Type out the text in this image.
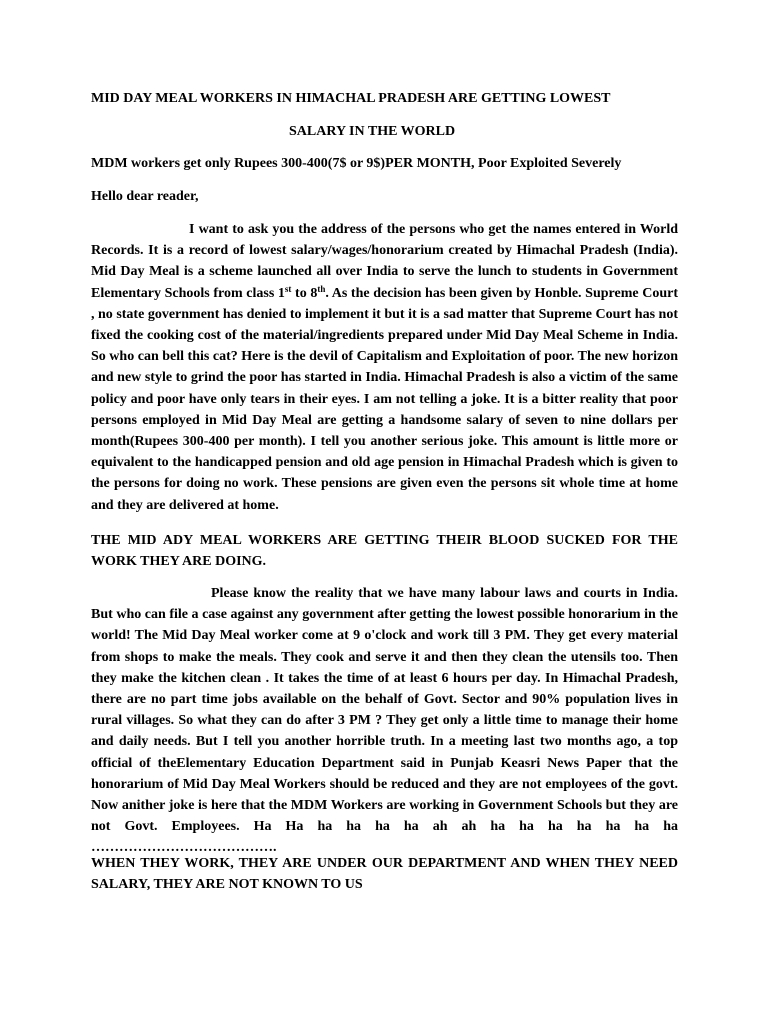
MID DAY MEAL WORKERS IN HIMACHAL PRADESH ARE GETTING LOWEST
SALARY IN THE WORLD
MDM workers get only Rupees 300-400(7$ or 9$)PER MONTH, Poor Exploited Severely
Hello dear reader,
I want to ask you the address of the persons who get the names entered in World Records. It is a record of lowest salary/wages/honorarium created by Himachal Pradesh (India). Mid Day Meal is a scheme launched all over India to serve the lunch to students in Government Elementary Schools from class 1st to 8th. As the decision has been given by Honble. Supreme Court , no state government has denied to implement it but it is a sad matter that Supreme Court has not fixed the cooking cost of the material/ingredients prepared under Mid Day Meal Scheme in India. So who can bell this cat? Here is the devil of Capitalism and Exploitation of poor. The new horizon and new style to grind the poor has started in India. Himachal Pradesh is also a victim of the same policy and poor have only tears in their eyes. I am not telling a joke. It is a bitter reality that poor persons employed in Mid Day Meal are getting a handsome salary of seven to nine dollars per month(Rupees 300-400 per month). I tell you another serious joke. This amount is little more or equivalent to the handicapped pension and old age pension in Himachal Pradesh which is given to the persons for doing no work. These pensions are given even the persons sit whole time at home and they are delivered at home.
THE MID ADY MEAL WORKERS ARE GETTING THEIR BLOOD SUCKED FOR THE WORK THEY ARE DOING.
Please know the reality that we have many labour laws and courts in India. But who can file a case against any government after getting the lowest possible honorarium in the world! The Mid Day Meal worker come at 9 o'clock and work till 3 PM. They get every material from shops to make the meals. They cook and serve it and then they clean the utensils too. Then they make the kitchen clean . It takes the time of at least 6 hours per day. In Himachal Pradesh, there are no part time jobs available on the behalf of Govt. Sector and 90% population lives in rural villages. So what they can do after 3 PM ? They get only a little time to manage their home and daily needs. But I tell you another horrible truth. In a meeting last two months ago, a top official of theElementary Education Department said in Punjab Keasri News Paper that the honorarium of Mid Day Meal Workers should be reduced and they are not employees of the govt. Now anither joke is here that the MDM Workers are working in Government Schools but they are not Govt. Employees. Ha Ha ha ha ha ha ah ah ha ha ha ha ha ha ha ………………………………….
WHEN THEY WORK, THEY ARE UNDER OUR DEPARTMENT AND WHEN THEY NEED SALARY, THEY ARE NOT KNOWN TO US
